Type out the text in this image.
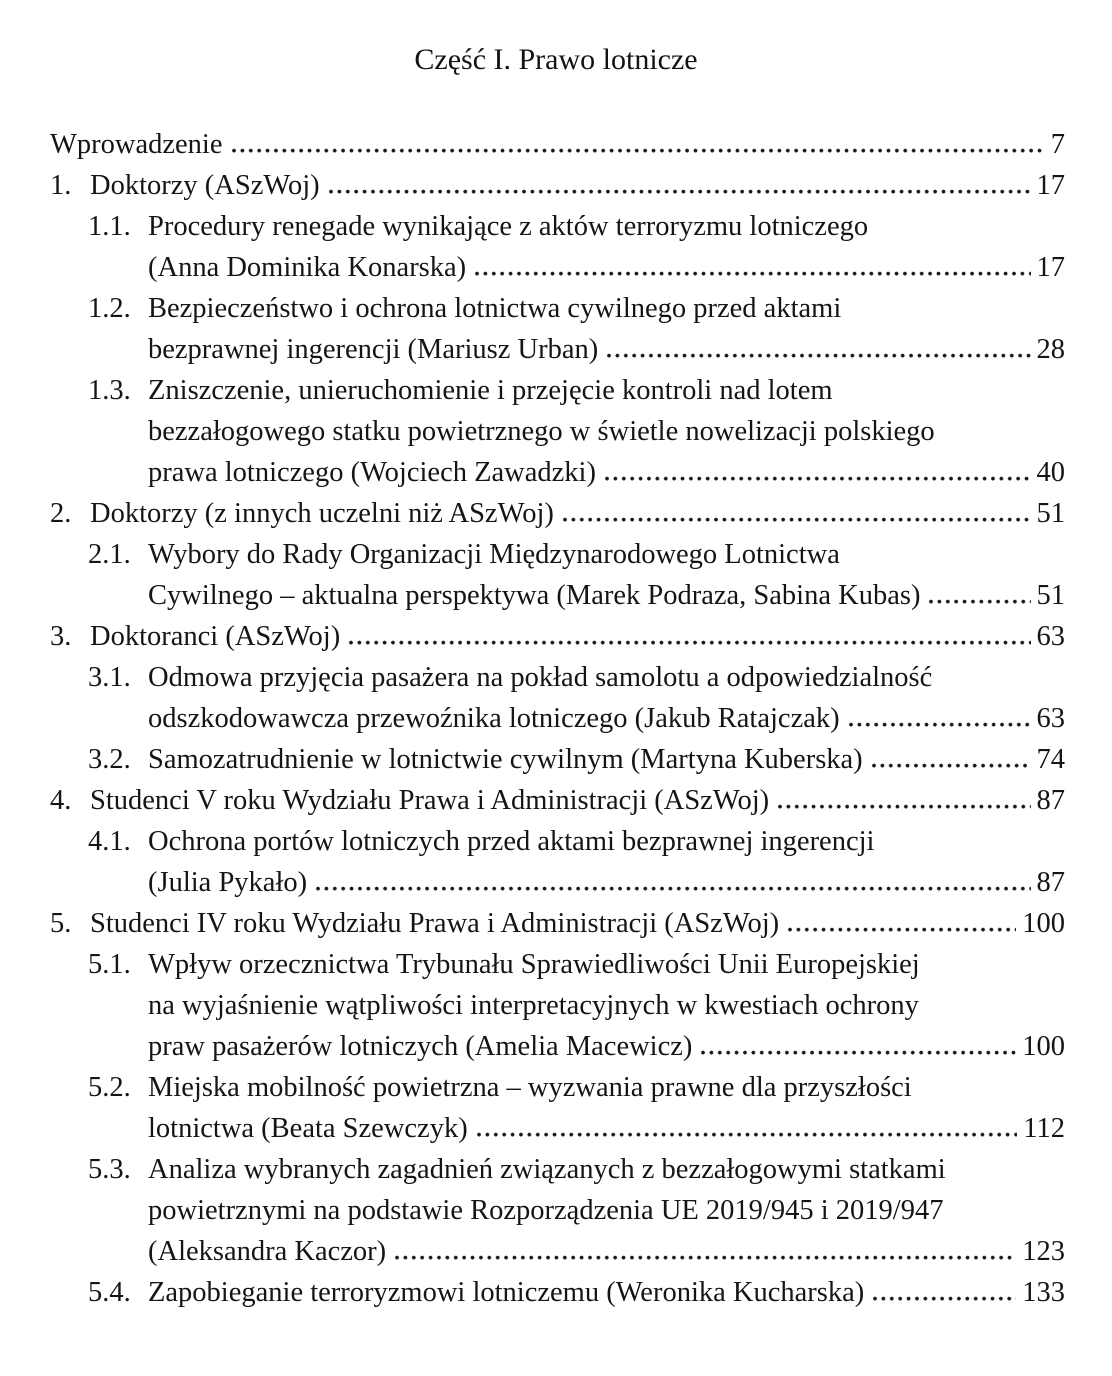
Część I. Prawo lotnicze
Wprowadzenie	7
1. Doktorzy (ASzWoj)	17
1.1. Procedury renegade wynikające z aktów terroryzmu lotniczego
(Anna Dominika Konarska)	17
1.2. Bezpieczeństwo i ochrona lotnictwa cywilnego przed aktami
bezprawnej ingerencji (Mariusz Urban)	28
1.3. Zniszczenie, unieruchomienie i przejęcie kontroli nad lotem
bezzałogowego statku powietrznego w świetle nowelizacji polskiego
prawa lotniczego (Wojciech Zawadzki)	40
2. Doktorzy (z innych uczelni niż ASzWoj)	51
2.1. Wybory do Rady Organizacji Międzynarodowego Lotnictwa
Cywilnego – aktualna perspektywa (Marek Podraza, Sabina Kubas)	51
3. Doktoranci (ASzWoj)	63
3.1. Odmowa przyjęcia pasażera na pokład samolotu a odpowiedzialność
odszkodowawcza przewoźnika lotniczego (Jakub Ratajczak)	63
3.2. Samozatrudnienie w lotnictwie cywilnym (Martyna Kuberska)	74
4. Studenci V roku Wydziału Prawa i Administracji (ASzWoj)	87
4.1. Ochrona portów lotniczych przed aktami bezprawnej ingerencji
(Julia Pykało)	87
5. Studenci IV roku Wydziału Prawa i Administracji (ASzWoj)	100
5.1. Wpływ orzecznictwa Trybunału Sprawiedliwości Unii Europejskiej
na wyjaśnienie wątpliwości interpretacyjnych w kwestiach ochrony
praw pasażerów lotniczych (Amelia Macewicz)	100
5.2. Miejska mobilność powietrzna – wyzwania prawne dla przyszłości
lotnictwa (Beata Szewczyk)	112
5.3. Analiza wybranych zagadnień związanych z bezzałogowymi statkami
powietrznymi na podstawie Rozporządzenia UE 2019/945 i 2019/947
(Aleksandra Kaczor)	123
5.4. Zapobieganie terroryzmowi lotniczemu (Weronika Kucharska)	133
